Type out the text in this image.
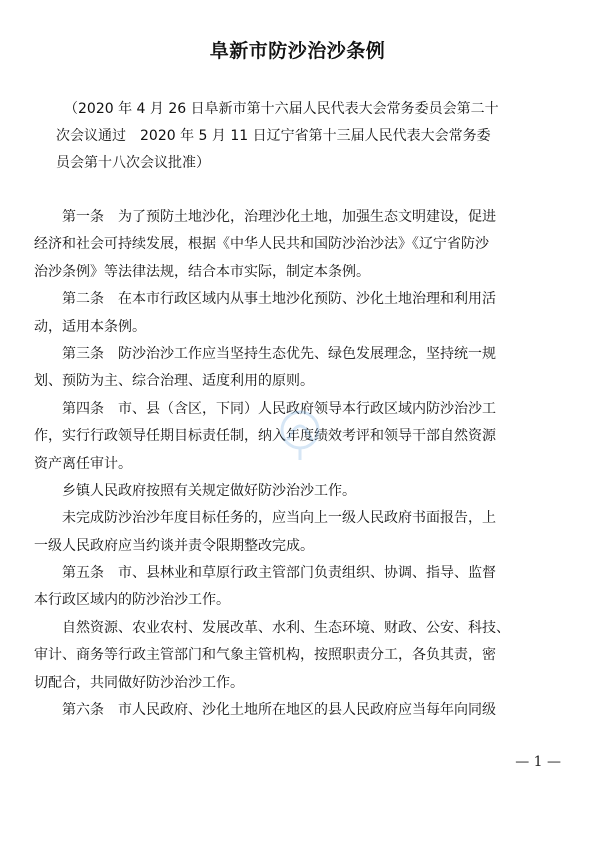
阜新市防沙治沙条例
（2020 年 4 月 26 日阜新市第十六届人民代表大会常务委员会第二十
次会议通过　2020 年 5 月 11 日辽宁省第十三届人民代表大会常务委
员会第十八次会议批准）
第一条 为了预防土地沙化，治理沙化土地，加强生态文明建设，促进
经济和社会可持续发展，根据《中华人民共和国防沙治沙法》《辽宁省防沙
治沙条例》等法律法规，结合本市实际，制定本条例。
第二条 在本市行政区域内从事土地沙化预防、沙化土地治理和利用活
动，适用本条例。
第三条 防沙治沙工作应当坚持生态优先、绿色发展理念，坚持统一规
划、预防为主、综合治理、适度利用的原则。
第四条 市、县（含区，下同）人民政府领导本行政区域内防沙治沙工
作，实行行政领导任期目标责任制，纳入年度绩效考评和领导干部自然资源
资产离任审计。
乡镇人民政府按照有关规定做好防沙治沙工作。
未完成防沙治沙年度目标任务的，应当向上一级人民政府书面报告，上
一级人民政府应当约谈并责令限期整改完成。
第五条 市、县林业和草原行政主管部门负责组织、协调、指导、监督
本行政区域内的防沙治沙工作。
自然资源、农业农村、发展改革、水利、生态环境、财政、公安、科技、
审计、商务等行政主管部门和气象主管机构，按照职责分工，各负其责，密
切配合，共同做好防沙治沙工作。
第六条 市人民政府、沙化土地所在地区的县人民政府应当每年向同级
— 1 —
